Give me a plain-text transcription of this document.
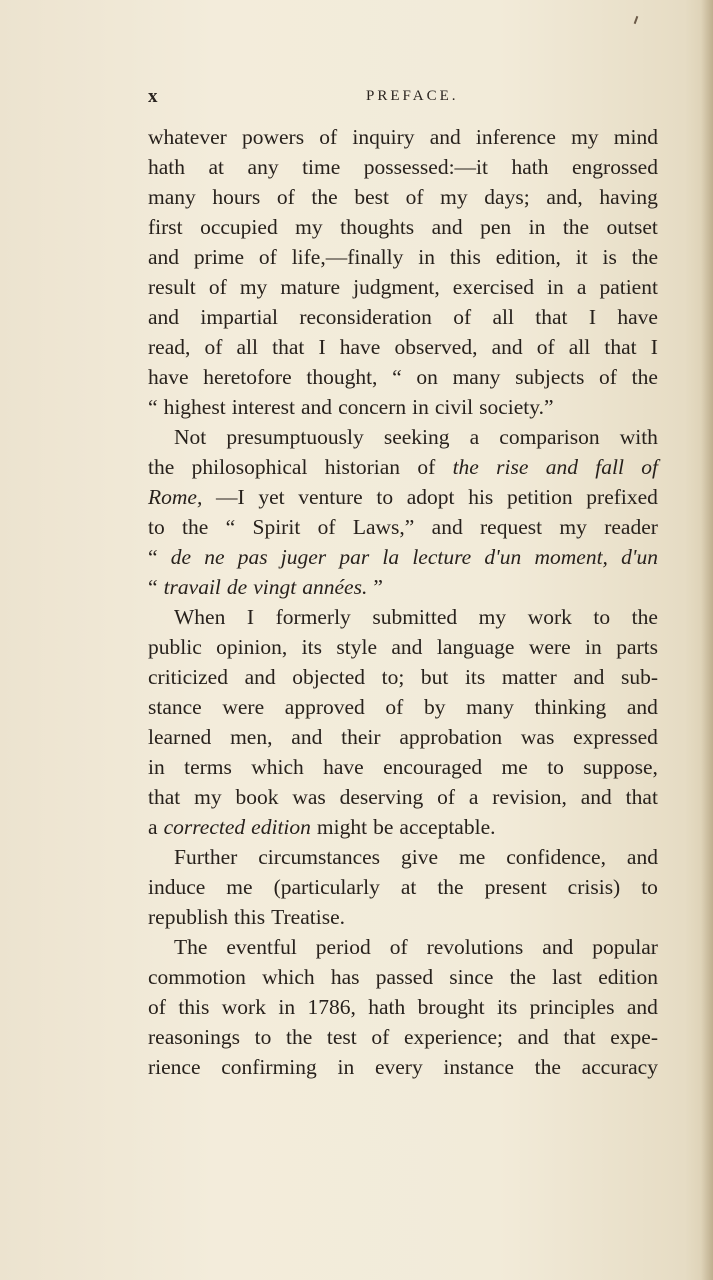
x	PREFACE.
whatever powers of inquiry and inference my mind
hath at any time possessed:—it hath engrossed
many hours of the best of my days; and, having
first occupied my thoughts and pen in the outset
and prime of life,—finally in this edition, it is the
result of my mature judgment, exercised in a patient
and impartial reconsideration of all that I have
read, of all that I have observed, and of all that I
have heretofore thought, “ on many subjects of the
“ highest interest and concern in civil society.”
Not presumptuously seeking a comparison with
the philosophical historian of the rise and fall of
Rome, —I yet venture to adopt his petition prefixed
to the “ Spirit of Laws,” and request my reader
“ de ne pas juger par la lecture d'un moment, d'un
“ travail de vingt années. ”
When I formerly submitted my work to the
public opinion, its style and language were in parts
criticized and objected to; but its matter and sub-
stance were approved of by many thinking and
learned men, and their approbation was expressed
in terms which have encouraged me to suppose,
that my book was deserving of a revision, and that
a corrected edition might be acceptable.
Further circumstances give me confidence, and
induce me (particularly at the present crisis) to
republish this Treatise.
The eventful period of revolutions and popular
commotion which has passed since the last edition
of this work in 1786, hath brought its principles and
reasonings to the test of experience; and that expe-
rience confirming in every instance the accuracy
